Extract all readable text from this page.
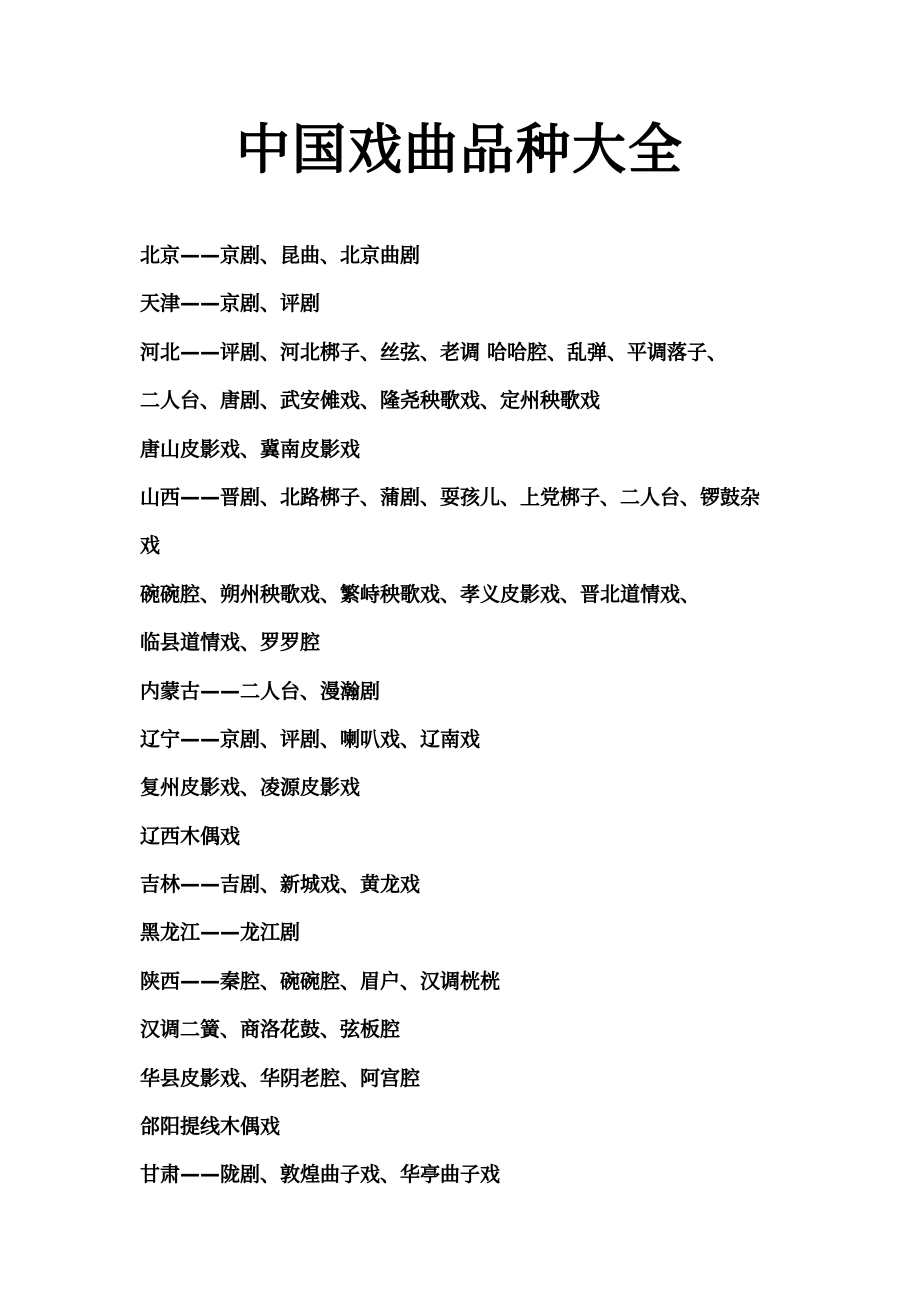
中国戏曲品种大全
北京——京剧、昆曲、北京曲剧
天津——京剧、评剧
河北——评剧、河北梆子、丝弦、老调 哈哈腔、乱弹、平调落子、
二人台、唐剧、武安傩戏、隆尧秧歌戏、定州秧歌戏
唐山皮影戏、冀南皮影戏
山西——晋剧、北路梆子、蒲剧、耍孩儿、上党梆子、二人台、锣鼓杂
戏
碗碗腔、朔州秧歌戏、繁峙秧歌戏、孝义皮影戏、晋北道情戏、
临县道情戏、罗罗腔
内蒙古——二人台、漫瀚剧
辽宁——京剧、评剧、喇叭戏、辽南戏
复州皮影戏、凌源皮影戏
辽西木偶戏
吉林——吉剧、新城戏、黄龙戏
黑龙江——龙江剧
陕西——秦腔、碗碗腔、眉户、汉调桄桄
汉调二簧、商洛花鼓、弦板腔
华县皮影戏、华阴老腔、阿宫腔
郃阳提线木偶戏
甘肃——陇剧、敦煌曲子戏、华亭曲子戏
